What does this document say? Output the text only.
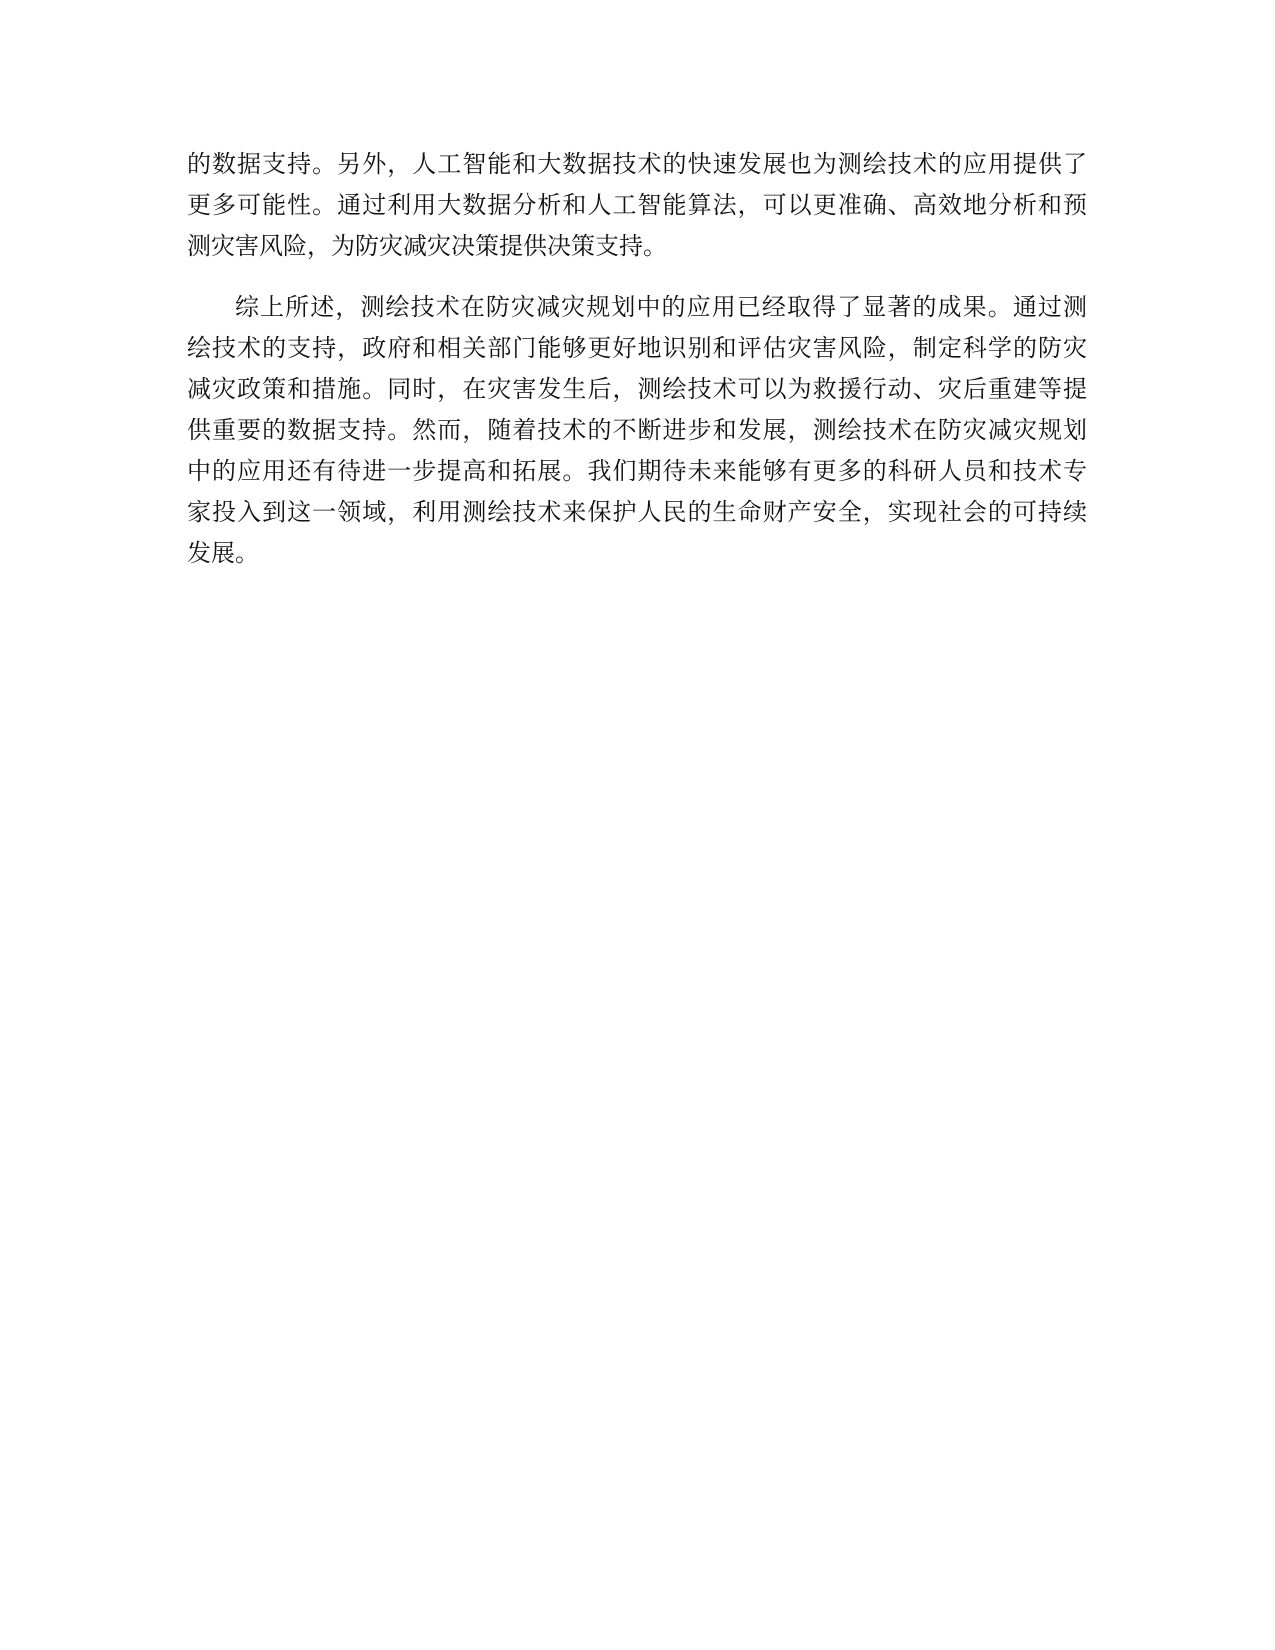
的数据支持。另外，人工智能和大数据技术的快速发展也为测绘技术的应用提供了
更多可能性。通过利用大数据分析和人工智能算法，可以更准确、高效地分析和预
测灾害风险，为防灾减灾决策提供决策支持。
综上所述，测绘技术在防灾减灾规划中的应用已经取得了显著的成果。通过测
绘技术的支持，政府和相关部门能够更好地识别和评估灾害风险，制定科学的防灾
减灾政策和措施。同时，在灾害发生后，测绘技术可以为救援行动、灾后重建等提
供重要的数据支持。然而，随着技术的不断进步和发展，测绘技术在防灾减灾规划
中的应用还有待进一步提高和拓展。我们期待未来能够有更多的科研人员和技术专
家投入到这一领域，利用测绘技术来保护人民的生命财产安全，实现社会的可持续
发展。
